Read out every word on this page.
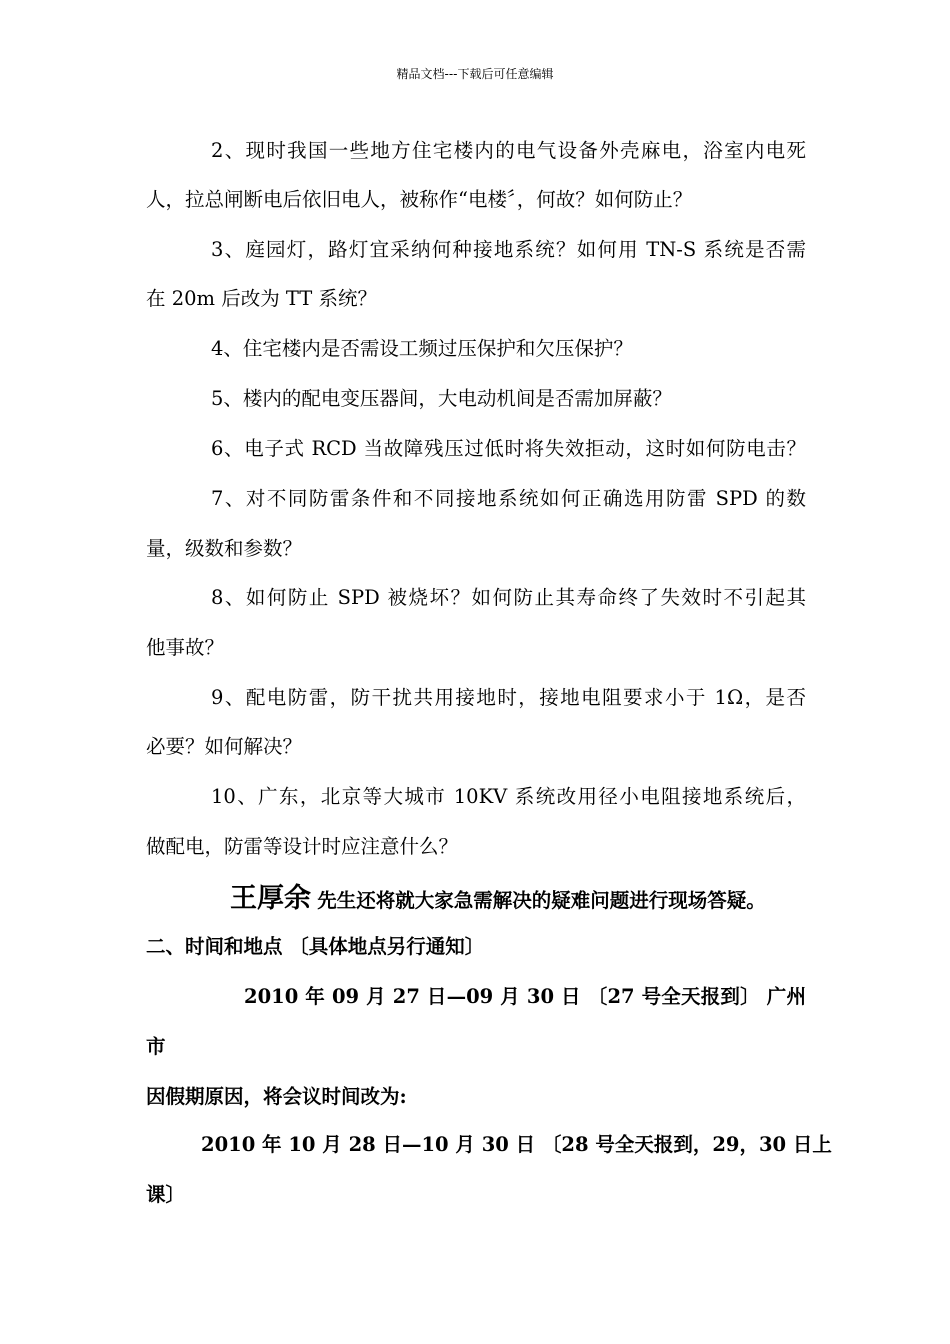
精品文档---下载后可任意编辑
2、现时我国一些地方住宅楼内的电气设备外壳麻电，浴室内电死
人，拉总闸断电后依旧电人，被称作“电楼〞，何故？如何防止？
3、庭园灯，路灯宜采纳何种接地系统？如何用 TN-S 系统是否需
在 20m 后改为 TT 系统？
4、住宅楼内是否需设工频过压保护和欠压保护？
5、楼内的配电变压器间，大电动机间是否需加屏蔽？
6、电子式 RCD 当故障残压过低时将失效拒动，这时如何防电击？
7、对不同防雷条件和不同接地系统如何正确选用防雷 SPD 的数
量，级数和参数？
8、如何防止 SPD 被烧坏？如何防止其寿命终了失效时不引起其
他事故？
9、配电防雷，防干扰共用接地时，接地电阻要求小于 1Ω，是否
必要？如何解决？
10、广东，北京等大城市 10KV 系统改用径小电阻接地系统后，
做配电，防雷等设计时应注意什么？
王厚余 先生还将就大家急需解决的疑难问题进行现场答疑。
二、时间和地点 〔具体地点另行通知〕
2010 年 09 月 27 日—09 月 30 日 〔27 号全天报到〕 广州
市
因假期原因，将会议时间改为:
2010 年 10 月 28 日—10 月 30 日 〔28 号全天报到，29，30 日上
课〕
